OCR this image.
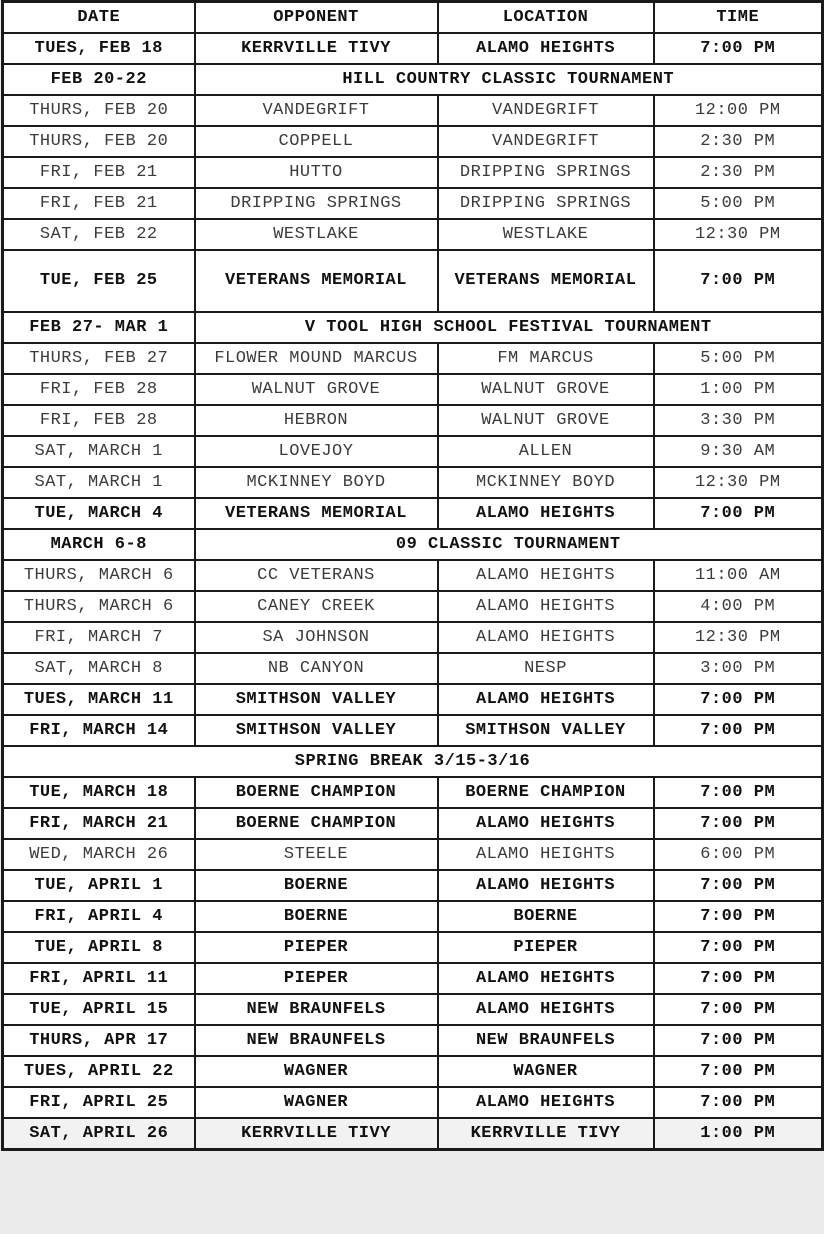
DATE	OPPONENT	LOCATION	TIME
TUES, FEB 18	KERRVILLE TIVY	ALAMO HEIGHTS	7:00 PM
FEB 20-22	HILL COUNTRY CLASSIC TOURNAMENT		
THURS, FEB 20	VANDEGRIFT	VANDEGRIFT	12:00 PM
THURS, FEB 20	COPPELL	VANDEGRIFT	2:30 PM
FRI, FEB 21	HUTTO	DRIPPING SPRINGS	2:30 PM
FRI, FEB 21	DRIPPING SPRINGS	DRIPPING SPRINGS	5:00 PM
SAT, FEB 22	WESTLAKE	WESTLAKE	12:30 PM
TUE, FEB 25	VETERANS MEMORIAL	VETERANS MEMORIAL	7:00 PM
FEB 27- MAR 1	V TOOL HIGH SCHOOL FESTIVAL TOURNAMENT		
THURS, FEB 27	FLOWER MOUND MARCUS	FM MARCUS	5:00 PM
FRI, FEB 28	WALNUT GROVE	WALNUT GROVE	1:00 PM
FRI, FEB 28	HEBRON	WALNUT GROVE	3:30 PM
SAT, MARCH 1	LOVEJOY	ALLEN	9:30 AM
SAT, MARCH 1	MCKINNEY BOYD	MCKINNEY BOYD	12:30 PM
TUE, MARCH 4	VETERANS MEMORIAL	ALAMO HEIGHTS	7:00 PM
MARCH 6-8	09 CLASSIC TOURNAMENT		
THURS, MARCH 6	CC VETERANS	ALAMO HEIGHTS	11:00 AM
THURS, MARCH 6	CANEY CREEK	ALAMO HEIGHTS	4:00 PM
FRI, MARCH 7	SA JOHNSON	ALAMO HEIGHTS	12:30 PM
SAT, MARCH 8	NB CANYON	NESP	3:00 PM
TUES, MARCH 11	SMITHSON VALLEY	ALAMO HEIGHTS	7:00 PM
FRI, MARCH 14	SMITHSON VALLEY	SMITHSON VALLEY	7:00 PM
SPRING BREAK 3/15-3/16			
TUE, MARCH 18	BOERNE CHAMPION	BOERNE CHAMPION	7:00 PM
FRI, MARCH 21	BOERNE CHAMPION	ALAMO HEIGHTS	7:00 PM
WED, MARCH 26	STEELE	ALAMO HEIGHTS	6:00 PM
TUE, APRIL 1	BOERNE	ALAMO HEIGHTS	7:00 PM
FRI, APRIL 4	BOERNE	BOERNE	7:00 PM
TUE, APRIL 8	PIEPER	PIEPER	7:00 PM
FRI, APRIL 11	PIEPER	ALAMO HEIGHTS	7:00 PM
TUE, APRIL 15	NEW BRAUNFELS	ALAMO HEIGHTS	7:00 PM
THURS, APR 17	NEW BRAUNFELS	NEW BRAUNFELS	7:00 PM
TUES, APRIL 22	WAGNER	WAGNER	7:00 PM
FRI, APRIL 25	WAGNER	ALAMO HEIGHTS	7:00 PM
SAT, APRIL 26	KERRVILLE TIVY	KERRVILLE TIVY	1:00 PM
